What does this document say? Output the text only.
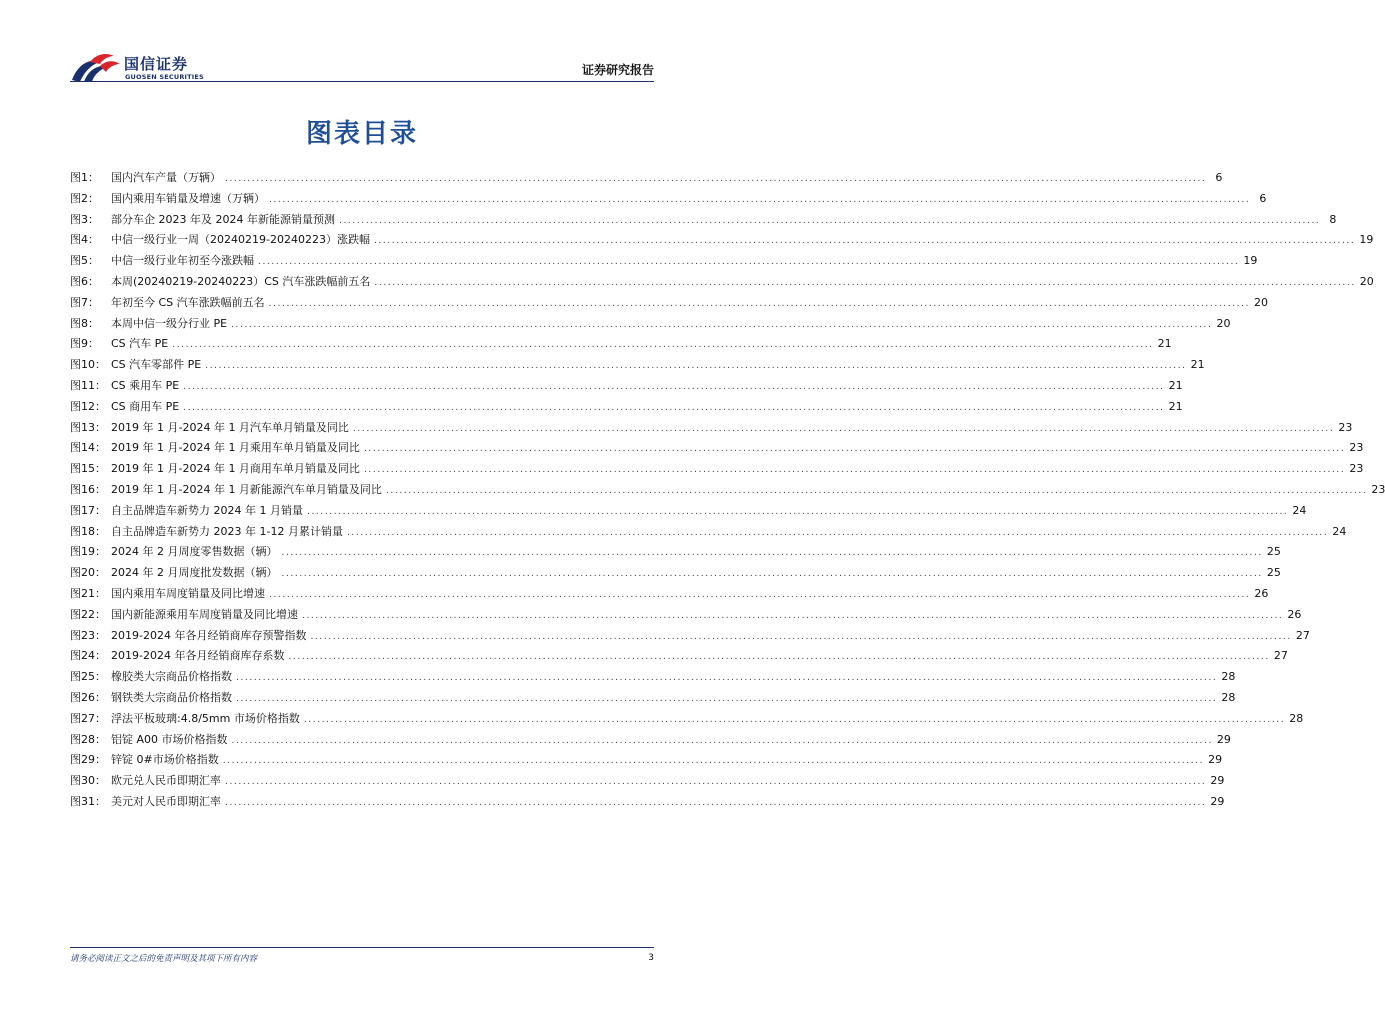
国信证券
GUOSEN SECURITIES	证券研究报告
图表目录
图1：	国内汽车产量（万辆） ............................................................................................................................................................................................................................ 6
图2：	国内乘用车销量及增速（万辆） ............................................................................................................................................................................................................................ 6
图3：	部分车企 2023 年及 2024 年新能源销量预测 ............................................................................................................................................................................................................................ 8
图4：	中信一级行业一周（20240219-20240223）涨跌幅 ............................................................................................................................................................................................................................ 19
图5：	中信一级行业年初至今涨跌幅 ............................................................................................................................................................................................................................ 19
图6：	本周(20240219-20240223）CS 汽车涨跌幅前五名 ............................................................................................................................................................................................................................ 20
图7：	年初至今 CS 汽车涨跌幅前五名 ............................................................................................................................................................................................................................ 20
图8：	本周中信一级分行业 PE ............................................................................................................................................................................................................................ 20
图9：	CS 汽车 PE ............................................................................................................................................................................................................................ 21
图10： CS 汽车零部件 PE ............................................................................................................................................................................................................................ 21
图11： CS 乘用车 PE ............................................................................................................................................................................................................................ 21
图12： CS 商用车 PE ............................................................................................................................................................................................................................ 21
图13： 2019 年 1 月-2024 年 1 月汽车单月销量及同比 ............................................................................................................................................................................................................................ 23
图14： 2019 年 1 月-2024 年 1 月乘用车单月销量及同比 ............................................................................................................................................................................................................................ 23
图15： 2019 年 1 月-2024 年 1 月商用车单月销量及同比 ............................................................................................................................................................................................................................ 23
图16： 2019 年 1 月-2024 年 1 月新能源汽车单月销量及同比 ............................................................................................................................................................................................................................ 23
图17： 自主品牌造车新势力 2024 年 1 月销量 ............................................................................................................................................................................................................................ 24
图18： 自主品牌造车新势力 2023 年 1-12 月累计销量 ............................................................................................................................................................................................................................ 24
图19： 2024 年 2 月周度零售数据（辆） ............................................................................................................................................................................................................................ 25
图20： 2024 年 2 月周度批发数据（辆） ............................................................................................................................................................................................................................ 25
图21： 国内乘用车周度销量及同比增速 ............................................................................................................................................................................................................................ 26
图22： 国内新能源乘用车周度销量及同比增速 ............................................................................................................................................................................................................................ 26
图23： 2019-2024 年各月经销商库存预警指数 ............................................................................................................................................................................................................................ 27
图24： 2019-2024 年各月经销商库存系数 ............................................................................................................................................................................................................................ 27
图25： 橡胶类大宗商品价格指数 ............................................................................................................................................................................................................................ 28
图26： 钢铁类大宗商品价格指数 ............................................................................................................................................................................................................................ 28
图27： 浮法平板玻璃:4.8/5mm 市场价格指数 ............................................................................................................................................................................................................................ 28
图28： 铝锭 A00 市场价格指数 ............................................................................................................................................................................................................................ 29
图29： 锌锭 0#市场价格指数 ............................................................................................................................................................................................................................ 29
图30： 欧元兑人民币即期汇率 ............................................................................................................................................................................................................................ 29
图31： 美元对人民币即期汇率 ............................................................................................................................................................................................................................ 29
请务必阅读正文之后的免责声明及其项下所有内容	3
